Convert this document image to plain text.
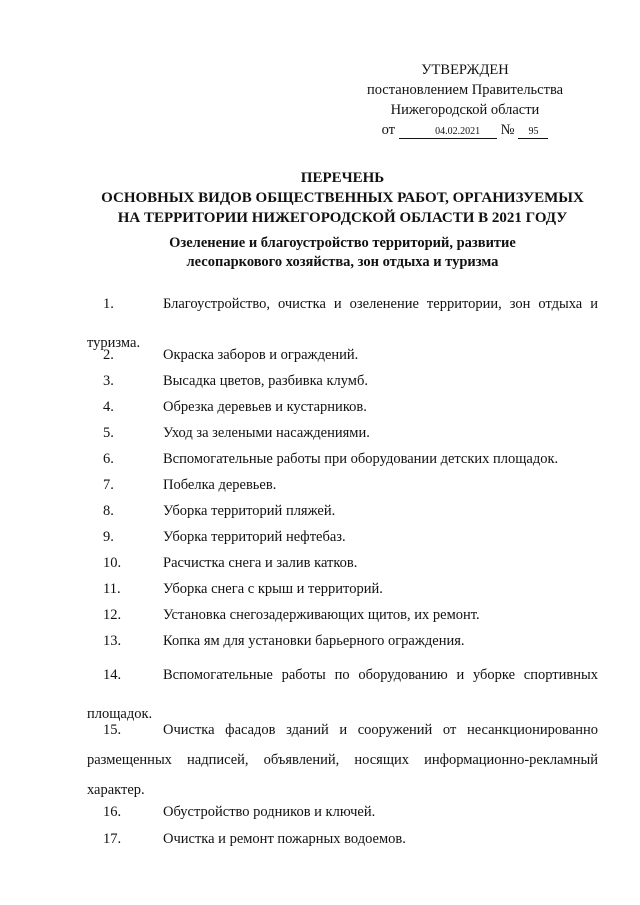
УТВЕРЖДЕН
постановлением Правительства
Нижегородской области
от	04.02.2021 № 95
ПЕРЕЧЕНЬ
ОСНОВНЫХ ВИДОВ ОБЩЕСТВЕННЫХ РАБОТ, ОРГАНИЗУЕМЫХ
НА ТЕРРИТОРИИ НИЖЕГОРОДСКОЙ ОБЛАСТИ В 2021 ГОДУ
Озеленение и благоустройство территорий, развитие
лесопаркового хозяйства, зон отдыха и туризма
1.	Благоустройство, очистка и озеленение территории, зон отдыха и туризма.
2.	Окраска заборов и ограждений.
3.	Высадка цветов, разбивка клумб.
4.	Обрезка деревьев и кустарников.
5.	Уход за зелеными насаждениями.
6.	Вспомогательные работы при оборудовании детских площадок.
7.	Побелка деревьев.
8.	Уборка территорий пляжей.
9.	Уборка территорий нефтебаз.
10.	Расчистка снега и залив катков.
11.	Уборка снега с крыш и территорий.
12.	Установка снегозадерживающих щитов, их ремонт.
13.	Копка ям для установки барьерного ограждения.
14.	Вспомогательные работы по оборудованию и уборке спортивных площадок.
15.	Очистка фасадов зданий и сооружений от несанкционированно размещенных надписей, объявлений, носящих информационно-рекламный характер.
16.	Обустройство родников и ключей.
17.	Очистка и ремонт пожарных водоемов.
